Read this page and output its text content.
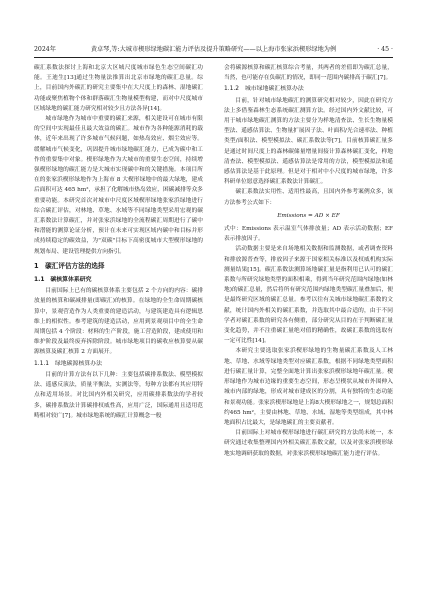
2024年	黄卓琴,等:大城市楔形绿地碳汇能力评估及提升策略研究——以上海市张家浜楔形绿地为例	· 45 ·

碳汇系数法探讨上海和北京大区城尺度城市绿色生态空间碳汇功能。王迪生[13]通过生物量法推算出北京市绿地的碳汇总量。综上，目前国内外碳汇的研究主要集中在大尺度上的森林、湿地碳汇功能或聚焦植物个体和群落碳汇生物量模型构建，而对中尺度城市区域绿地的碳汇能力研究相对较少且方法各异[14]。

城市绿地作为城市中重要的碳汇来源，相关建设可在城市有限的空间中实现最佳且最大效益的碳汇。城市作为各种能源消耗的载体，近年来出现了许多城市气候问题，如热岛效应、烟尘效应等。缓解城市气候变化，巩固提升城市绿地碳汇能力，已成为碳中和工作的重要集中对象。楔形绿地作为大城市的重要生态空间，持续增强楔形绿地的碳汇能力是大城市实现碳中和的关键措施。本项目所在的张家浜楔形绿地作为上海市 8 大楔形绿地中的最大绿地，建成后面积可达 465 hm²，承担了化解城市热岛效应，困碳减排等众多重要功能。本研究首次对城市中尺度区域楔形绿地张家浜绿地进行综合碳汇评估，对林地、草地、水域等不同绿地类型采用宏观的碳汇系数法计算碳汇，并对张家浜绿地的全流程碳汇周期进行了碳中和潜能的测算论证分析，预计在未来可实现区域内碳中和目标并形成持续稳定的碳效益，为"双碳"目标下高密度城市大型楔形绿地的规划布局、建设管理提供方向指引。

1　碳汇评估方法的选择
1.1　碳核算体系研究

目前国际上已有的碳核算体系主要包括 2 个方向的内容：碳排放量的核算和碳减排量(即碳汇)的核算。在绿地的全生命周期碳核算中，景观营造作为人类重要的建造活动，与建筑建造具有逻辑思维上的相似性。参考建筑的建造活动，应用到景观项目中的全生命周期包括 4 个阶段：材料的生产阶段，施工营造阶段，建成使用和维护阶段及最终废弃拆除阶段。城市绿地项目的碳收应核算要从碳源核算及碳汇核算 2 方面展开。

1.1.1　绿地碳源核算办法

目前的计算方法有以下几种：主要包括碳排系数法、模型模拟法、遥感反演法，质量平衡法，实测法等，每种方法都有其应用特点和适用场景。对比国内外相关研究，应用碳排系数法的学者较多，碳排系数法计算碳排权威性高，应用广泛，国际通用且适用范畴相对较广[7]。城市绿地系统的碳汇计算概念一般

会将碳源核算和碳汇核算综合考量，其两者的差值即为碳汇总量，当然，也可能存在负碳汇的情况，即同一范围内碳排高于碳汇[7]。

1.1.2　城市绿地碳汇核算办法

目前，针对城市绿地碳汇的测算研究相对较少，因此在研究方法上多借鉴森林生态系统碳汇测算方法。经过国内外文献比较，可用于城市绿地碳汇测算的方法主要分为样地清查法、生长生物量模型法、遥感估算法、生物量扩展因子法、叶面积/光合速率法、种植类型/面积法、模型模拟法、碳汇系数法等[7]。目前核算碳汇量多是通过时间尺度上的森林碳储量增量间接计算森林碳汇变化，样地清查法、模型模拟法、遥感估算法是常用的方法，模型模拟法和遥感估算法是基于此原理。但是对于相对中小尺度的城市绿地，许多科研单位愿意选择碳汇系数法计算碳汇。

碳汇系数法实用性、适用性最高，且国内外参考案例众多，该方法参考公式如下：

Emissions = AD × EF

式中：Emissions 表示温室气体排放量；AD 表示活动数据；EF 表示排放因子。

活动数据主要是来自场地相关数据和监测数据，或者调查资料和排放源普查等，排放因子来源于国家相关标准以及权威机构实际测量结果[15]。碳汇系数法测算场地碳汇量是指利用已认可的碳汇系数与所研究绿地类型的面积相乘，得到当年研究范围内绿地(如林地)的碳汇总量，然后将所有研究范围内绿地类型碳汇量叠加后，便是最终研究区域的碳汇总量。参考以往有关城市绿地碳汇系数的文献，统计国内外相关的碳汇系数，并选取其中最合适的，由于不同学者对碳汇系数的研究各有侧重，部分研究从目的在于判断碳汇量变化趋势，并不注重碳汇量绝对值的精确性，故碳汇系数的选取有一定可比性[14]。

本研究主要选取张家浜楔形绿地的生物量碳汇系数及人工林地、草地、水域等绿地类型对应碳汇系数，根据不同绿地类型面积进行碳汇量计算，完整全面地计算出张家浜楔形绿地年碳汇量。楔形绿地作为城市边缘的重要生态空间，形态呈楔状从城市外围伸入城市内部的绿地，形成对城市建成区的分割，具有独特的生态功能和景观功能。张家浜楔形绿地是上海8大楔形绿地之一，规划总面积约465 hm²，主要由林地、草地、水域、湿地等类型组成，其中林地面积占比最大，是绿地碳汇的主要贡献者。

目前国际上对城市楔形绿地进行碳汇研究的方法尚未统一，本研究通过收集整理国内外相关碳汇系数文献，以及对张家浜楔形绿地实地调研获取的数据，对张家浜楔形绿地碳汇能力进行评估。
